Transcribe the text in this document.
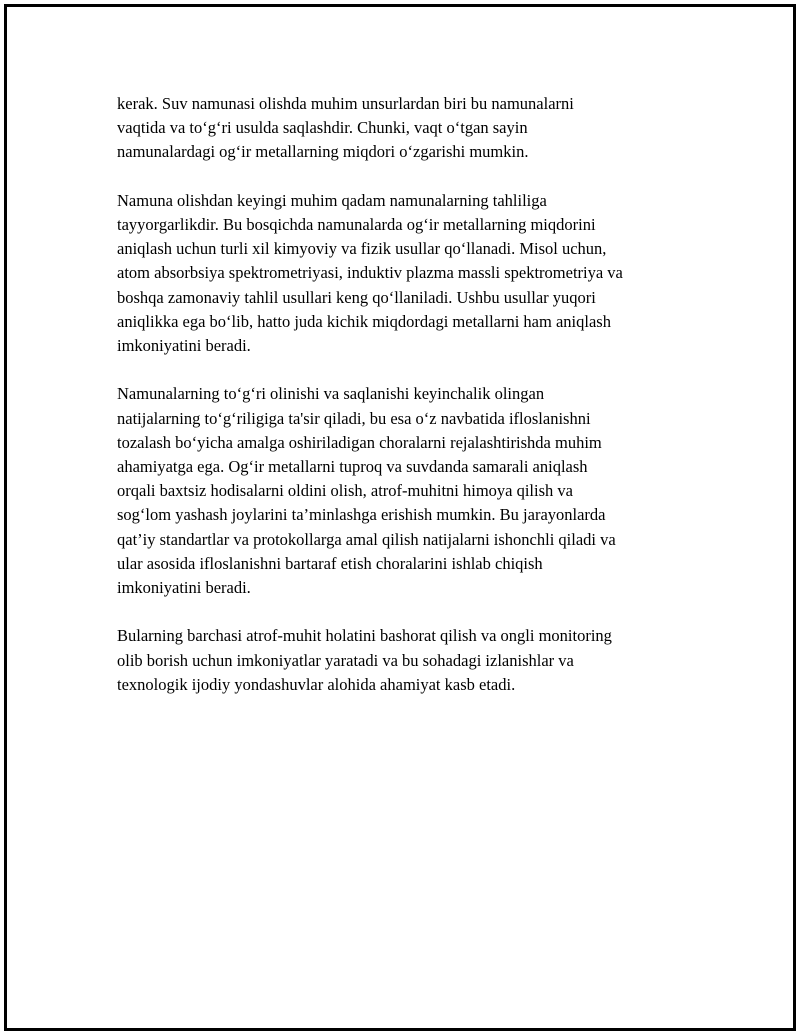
kerak. Suv namunasi olishda muhim unsurlardan biri bu namunalarni
vaqtida va to‘g‘ri usulda saqlashdir. Chunki, vaqt o‘tgan sayin
namunalardagi og‘ir metallarning miqdori o‘zgarishi mumkin.

Namuna olishdan keyingi muhim qadam namunalarning tahliliga
tayyorgarlikdir. Bu bosqichda namunalarda og‘ir metallarning miqdorini
aniqlash uchun turli xil kimyoviy va fizik usullar qo‘llanadi. Misol uchun,
atom absorbsiya spektrometriyasi, induktiv plazma massli spektrometriya va
boshqa zamonaviy tahlil usullari keng qo‘llaniladi. Ushbu usullar yuqori
aniqlikka ega bo‘lib, hatto juda kichik miqdordagi metallarni ham aniqlash
imkoniyatini beradi.

Namunalarning to‘g‘ri olinishi va saqlanishi keyinchalik olingan
natijalarning to‘g‘riligiga ta'sir qiladi, bu esa o‘z navbatida ifloslanishni
tozalash bo‘yicha amalga oshiriladigan choralarni rejalashtirishda muhim
ahamiyatga ega. Og‘ir metallarni tuproq va suvdanda samarali aniqlash
orqali baxtsiz hodisalarni oldini olish, atrof-muhitni himoya qilish va
sog‘lom yashash joylarini ta’minlashga erishish mumkin. Bu jarayonlarda
qat’iy standartlar va protokollarga amal qilish natijalarni ishonchli qiladi va
ular asosida ifloslanishni bartaraf etish choralarini ishlab chiqish
imkoniyatini beradi.

Bularning barchasi atrof-muhit holatini bashorat qilish va ongli monitoring
olib borish uchun imkoniyatlar yaratadi va bu sohadagi izlanishlar va
texnologik ijodiy yondashuvlar alohida ahamiyat kasb etadi.
